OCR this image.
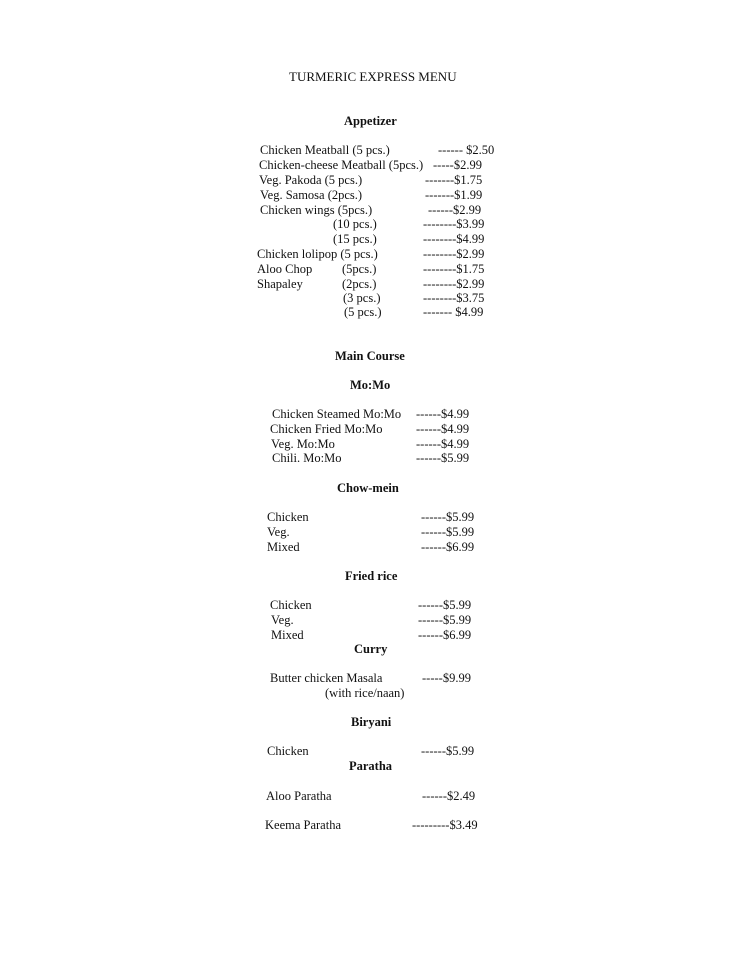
TURMERIC EXPRESS MENU
Appetizer
Chicken Meatball (5 pcs.)	------ $2.50
Chicken-cheese Meatball (5pcs.) -----$2.99
Veg. Pakoda (5 pcs.)	-------$1.75
Veg. Samosa (2pcs.)	-------$1.99
Chicken wings (5pcs.)	------$2.99
(10 pcs.)	--------$3.99
(15 pcs.)	--------$4.99
Chicken lolipop (5 pcs.)	--------$2.99
Aloo Chop (5pcs.)	--------$1.75
Shapaley	(2pcs.)	--------$2.99
(3 pcs.)	--------$3.75
(5 pcs.)	------- $4.99
Main Course
Mo:Mo
Chicken Steamed Mo:Mo ------$4.99
Chicken Fried Mo:Mo	------$4.99
Veg. Mo:Mo	------$4.99
Chili. Mo:Mo	------$5.99
Chow-mein
Chicken	------$5.99
Veg.	------$5.99
Mixed	------$6.99
Fried rice
Chicken	------$5.99
Veg.	------$5.99
Mixed	------$6.99
Curry
Butter chicken Masala	-----$9.99
(with rice/naan)
Biryani
Chicken	------$5.99
Paratha
Aloo Paratha	------$2.49
Keema Paratha	---------$3.49
